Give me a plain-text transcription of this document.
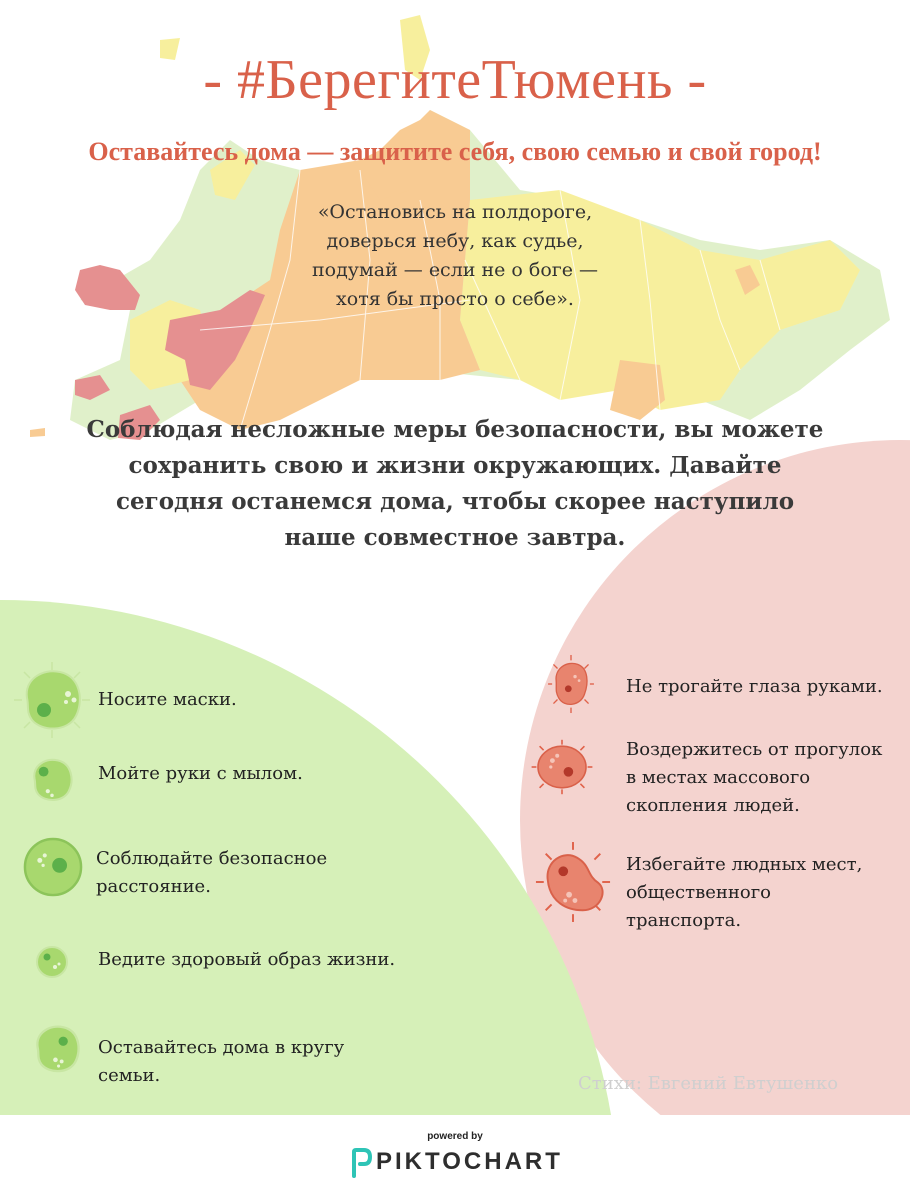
- #БерегитеТюмень -
Оставайтесь дома — защитите себя, свою семью и свой город!
«Остановись на полдороге,
доверься небу, как судье,
подумай — если не о боге —
хотя бы просто о себе».
Соблюдая несложные меры безопасности, вы можете
сохранить свою и жизни окружающих. Давайте
сегодня останемся дома, чтобы скорее наступило
наше совместное завтра.
Носите маски.
Мойте руки с мылом.
Соблюдайте безопасное
расстояние.
Ведите здоровый образ жизни.
Оставайтесь дома в кругу
семьи.
Не трогайте глаза руками.
Воздержитесь от прогулок
в местах массового
скопления людей.
Избегайте людных мест,
общественного
транспорта.
Стихи: Евгений Евтушенко
powered by
PIKTOCHART
